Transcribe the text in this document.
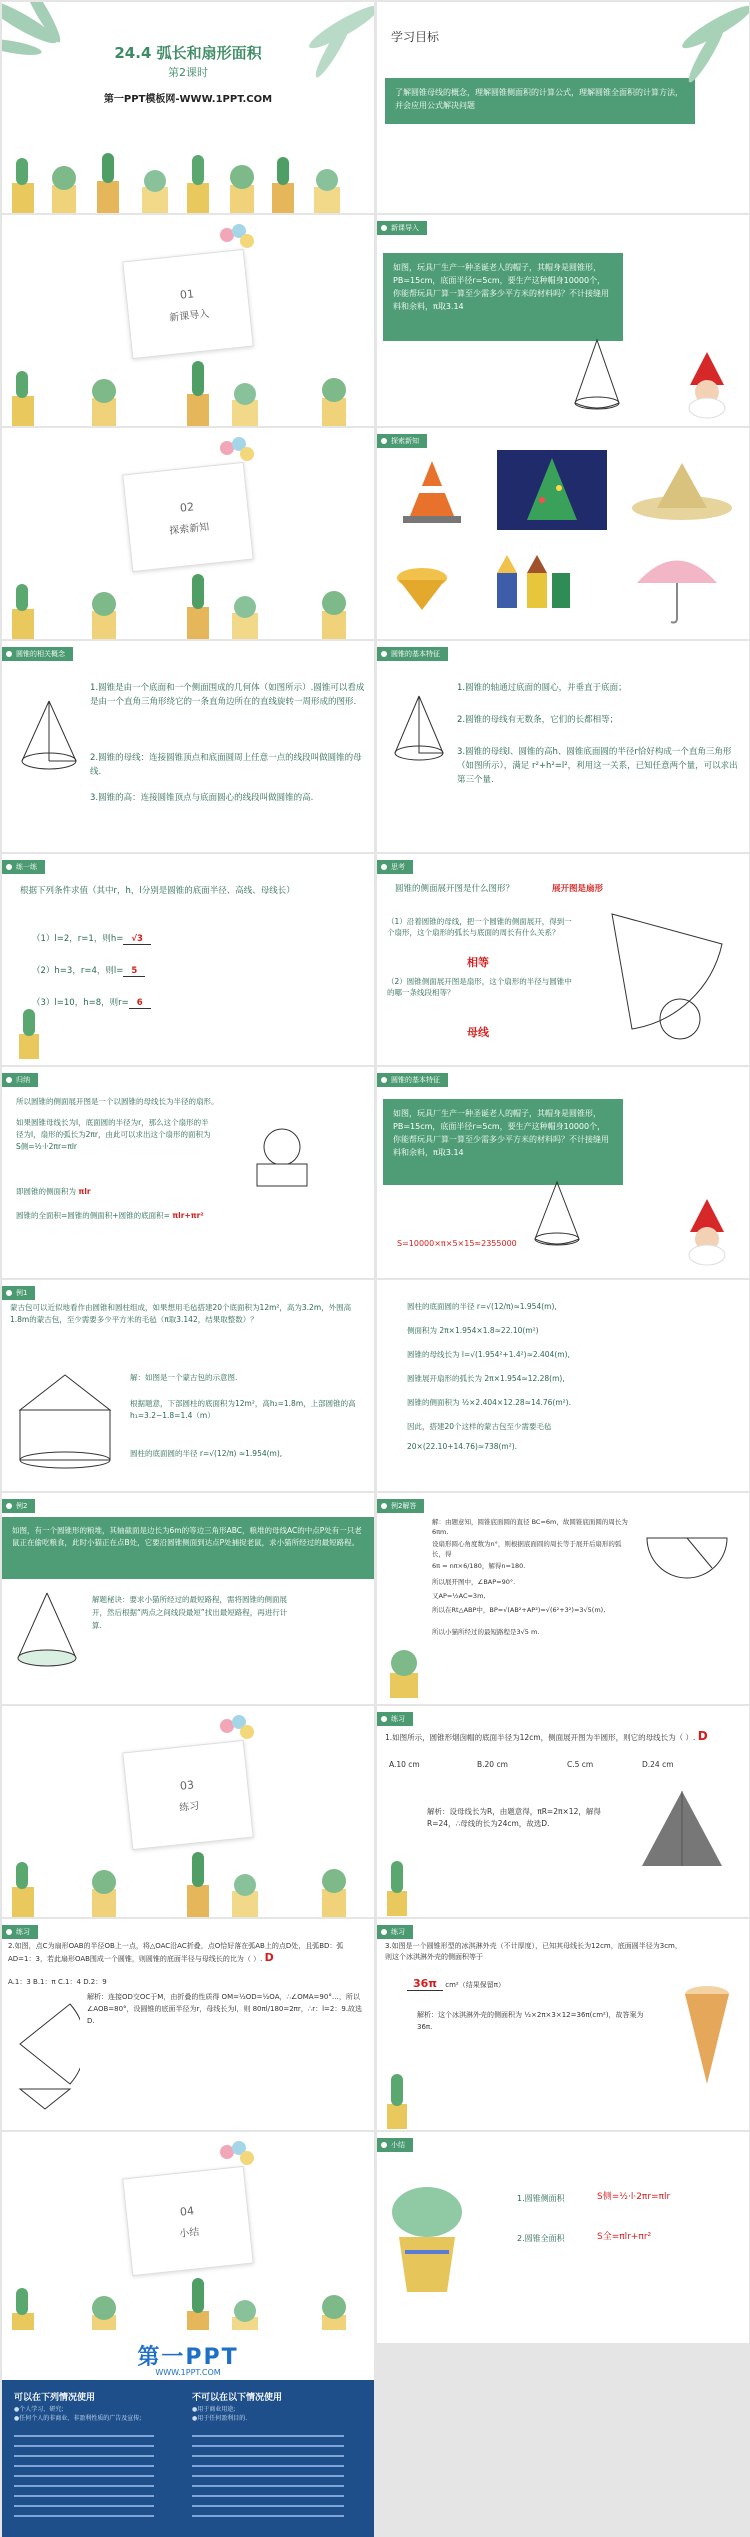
24.4 弧长和扇形面积
第2课时
第一PPT模板网-WWW.1PPT.COM
学习目标
了解圆锥母线的概念，理解圆锥侧面积的计算公式，理解圆锥全面积的计算方法，并会应用公式解决问题
01
新课导入
新课导入
如图，玩具厂生产一种圣诞老人的帽子，其帽身是圆锥形，PB=15cm，底面半径r=5cm，要生产这种帽身10000个，你能帮玩具厂算一算至少需多少平方米的材料吗？不计接缝用料和余料，π取3.14
02
探索新知
探索新知
圆锥的相关概念
1.圆锥是由一个底面和一个侧面围成的几何体（如图所示）.圆锥可以看成是由一个直角三角形绕它的一条直角边所在的直线旋转一周形成的图形.
2.圆锥的母线：连接圆锥顶点和底面圆周上任意一点的线段叫做圆锥的母线.
3.圆锥的高：连接圆锥顶点与底面圆心的线段叫做圆锥的高.
圆锥的基本特征
1.圆锥的轴通过底面的圆心，并垂直于底面；
2.圆锥的母线有无数条，它们的长都相等；
3.圆锥的母线l、圆锥的高h、圆锥底面圆的半径r恰好构成一个直角三角形（如图所示），满足 r²+h²=l²，利用这一关系，已知任意两个量，可以求出第三个量.
练一练
根据下列条件求值（其中r，h，l分别是圆锥的底面半径、高线、母线长）
（1）l=2，r=1，则h= √3
（2）h=3，r=4，则l= 5
（3）l=10，h=8，则r= 6
思考
圆锥的侧面展开图是什么图形？	展开图是扇形
（1）沿着圆锥的母线，把一个圆锥的侧面展开，得到一个扇形，这个扇形的弧长与底面的周长有什么关系？
相等
（2）圆锥侧面展开图是扇形，这个扇形的半径与圆锥中的哪一条线段相等？
母线
归纳
所以圆锥的侧面展开图是一个以圆锥的母线长为半径的扇形。
如果圆锥母线长为l，底面圆的半径为r，那么这个扇形的半径为l，扇形的弧长为2πr，由此可以求出这个扇形的面积为 S侧=½·l·2πr=πlr
即圆锥的侧面积为 πlr
圆锥的全面积=圆锥的侧面积+圆锥的底面积= πlr+πr²
圆锥的基本特征
如图，玩具厂生产一种圣诞老人的帽子，其帽身是圆锥形，PB=15cm，底面半径r=5cm，要生产这种帽身10000个，你能帮玩具厂算一算至少需多少平方米的材料吗？不计接缝用料和余料，π取3.14
S=10000×π×5×15≈2355000
例1
蒙古包可以近似地看作由圆锥和圆柱组成，如果想用毛毡搭建20个底面积为12m²，高为3.2m，外围高1.8m的蒙古包，至少需要多少平方米的毛毡（π取3.142，结果取整数）？
解：如图是一个蒙古包的示意图.
根据题意，下部圆柱的底面积为12m²，高h₂=1.8m，上部圆锥的高h₁=3.2−1.8=1.4（m）
圆柱的底面圆的半径 r=√(12/π) ≈1.954(m),
圆柱的底面圆的半径 r=√(12/π)≈1.954(m),
侧面积为 2π×1.954×1.8≈22.10(m²)
圆锥的母线长为 l=√(1.954²+1.4²)≈2.404(m),
圆锥展开扇形的弧长为 2π×1.954≈12.28(m),
圆锥的侧面积为 ½×2.404×12.28≈14.76(m²).
因此，搭建20个这样的蒙古包至少需要毛毡
20×(22.10+14.76)≈738(m²).
例2
如图，有一个圆锥形的粮堆，其轴截面是边长为6m的等边三角形ABC，粮堆的母线AC的中点P处有一只老鼠正在偷吃粮食，此时小猫正在点B处，它要沿圆锥侧面到达点P处捕捉老鼠，求小猫所经过的最短路程。
解题秘诀：要求小猫所经过的最短路程，需将圆锥的侧面展开，然后根据“两点之间线段最短”找出最短路程，再进行计算.
例2解答
解：由题意知，圆锥底面圆的直径 BC=6m，故圆锥底面圆的周长为 6πm.
设扇形圆心角度数为n°，则根据底面圆的周长等于展开后扇形的弧长，得
6π = nπ×6/180，解得n=180.
所以展开图中，∠BAP=90°.
又AP=½AC=3m,
所以在Rt△ABP中，BP=√(AB²+AP²)=√(6²+3²)=3√5(m),
所以小猫所经过的最短路程是3√5 m.
03
练习
练习
1.如图所示，圆锥形烟囱帽的底面半径为12cm，侧面展开图为半圆形，则它的母线长为（ ）. D
A.10 cm	B.20 cm	C.5 cm	D.24 cm
解析：设母线长为R，由题意得，πR=2π×12，解得R=24，∴母线的长为24cm，故选D.
练习
2.如图，点C为扇形OAB的半径OB上一点，将△OAC沿AC折叠，点O恰好落在弧AB上的点D处，且弧BD：弧AD=1：3，若此扇形OAB围成一个圆锥，则圆锥的底面半径与母线长的比为（ ）. D
A.1：3 B.1：π C.1：4 D.2：9
解析：连接OD交OC于M，由折叠的性质得 OM=½OD=½OA，∴∠OMA=90°…，所以∠AOB=80°，设圆锥的底面半径为r，母线长为l，则 80πl/180=2πr，∴r：l=2：9.故选D.
练习
3.如图是一个圆锥形型的冰淇淋外壳（不计厚度），已知其母线长为12cm，底面圆半径为3cm，则这个冰淇淋外壳的侧面积等于
36π cm²（结果保留π）
解析：这个冰淇淋外壳的侧面积为 ½×2π×3×12=36π(cm²)，故答案为36π.
04
小结
小结
1.圆锥侧面积	S侧=½·l·2πr=πlr
2.圆锥全面积	S全=πlr+πr²
第一PPT
WWW.1PPT.COM
可以在下列情况使用
●个人学习、研究;
●任何个人的非商业、非盈利性质的广告及宣传;
不可以在以下情况使用
●用于商业用途;
●用于任何盈利目的.
